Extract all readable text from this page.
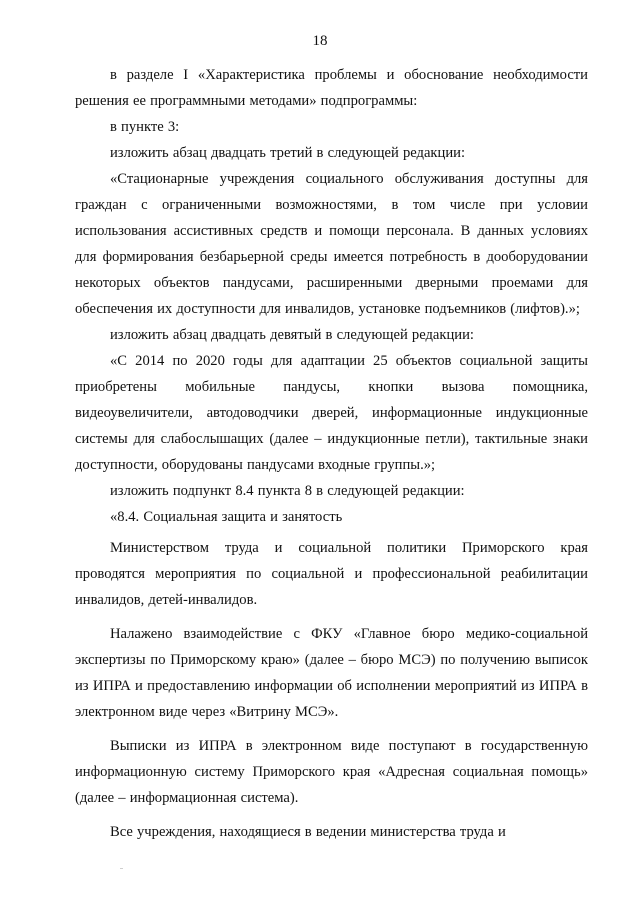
18

в разделе I «Характеристика проблемы и обоснование необходимости решения ее программными методами» подпрограммы:

в пункте 3:

изложить абзац двадцать третий в следующей редакции:

«Стационарные учреждения социального обслуживания доступны для граждан с ограниченными возможностями, в том числе при условии использования ассистивных средств и помощи персонала. В данных условиях для формирования безбарьерной среды имеется потребность в дооборудовании некоторых объектов пандусами, расширенными дверными проемами для обеспечения их доступности для инвалидов, установке подъемников (лифтов).»;

изложить абзац двадцать девятый в следующей редакции:

«С 2014 по 2020 годы для адаптации 25 объектов социальной защиты приобретены мобильные пандусы, кнопки вызова помощника, видеоувеличители, автодоводчики дверей, информационные индукционные системы для слабослышащих (далее – индукционные петли), тактильные знаки доступности, оборудованы пандусами входные группы.»;

изложить подпункт 8.4 пункта 8 в следующей редакции:

«8.4. Социальная защита и занятость

Министерством труда и социальной политики Приморского края проводятся мероприятия по социальной и профессиональной реабилитации инвалидов, детей-инвалидов.

Налажено взаимодействие с ФКУ «Главное бюро медико-социальной экспертизы по Приморскому краю» (далее – бюро МСЭ) по получению выписок из ИПРА и предоставлению информации об исполнении мероприятий из ИПРА в электронном виде через «Витрину МСЭ».

Выписки из ИПРА в электронном виде поступают в государственную информационную систему Приморского края «Адресная социальная помощь» (далее – информационная система).

Все учреждения, находящиеся в ведении министерства труда и
